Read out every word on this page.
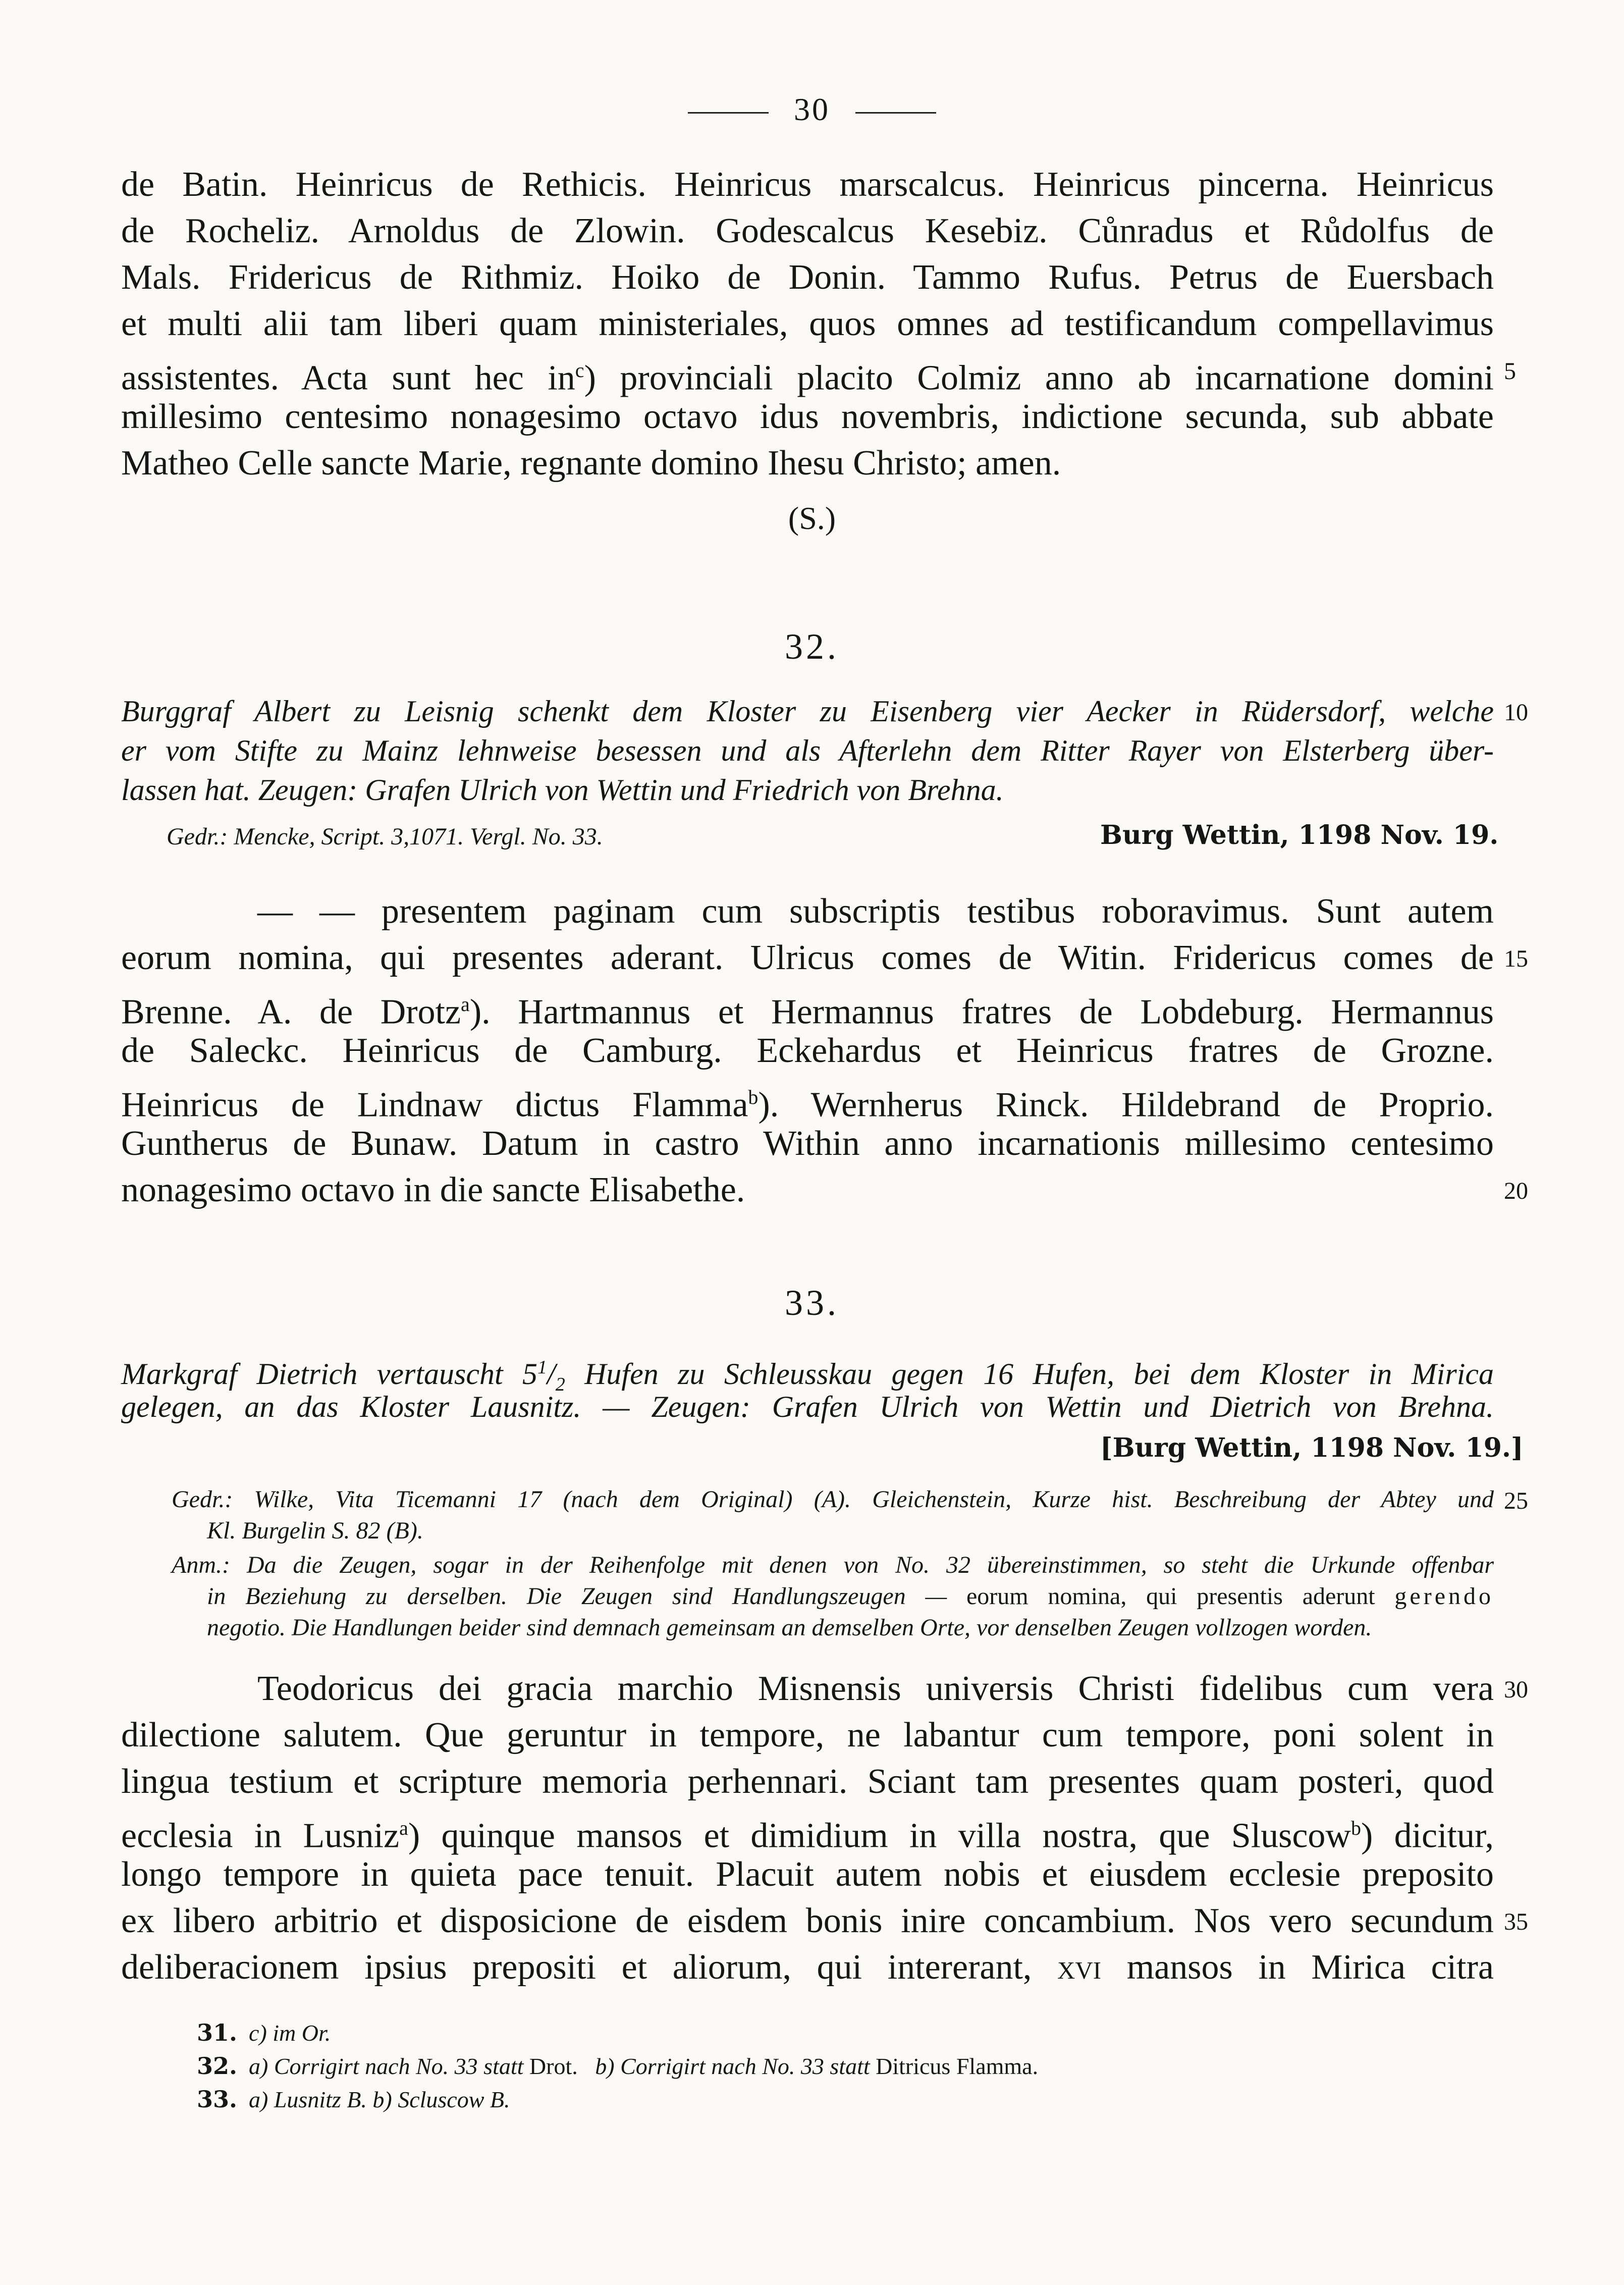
30
de Batin. Heinricus de Rethicis. Heinricus marscalcus. Heinricus pincerna. Heinricus
de Rocheliz. Arnoldus de Zlowin. Godescalcus Kesebiz. Cůnradus et Růdolfus de
Mals. Fridericus de Rithmiz. Hoiko de Donin. Tammo Rufus. Petrus de Euersbach
et multi alii tam liberi quam ministeriales, quos omnes ad testificandum compellavimus
assistentes. Acta sunt hec $in^c$) provinciali placito Colmiz anno ab incarnatione domini
millesimo centesimo nonagesimo octavo idus novembris, indictione secunda, sub abbate
Matheo Celle sancte Marie, regnante domino Ihesu Christo; amen.
(S.)
32.
Burggraf Albert zu Leisnig schenkt dem Kloster zu Eisenberg vier Aecker in Rüdersdorf, welche
er vom Stifte zu Mainz lehnweise besessen und als Afterlehn dem Ritter Rayer von Elsterberg über-
lassen hat. Zeugen: Grafen Ulrich von Wettin und Friedrich von Brehna.
Gedr.: Mencke, Script. 3,1071. Vergl. No. 33.	Burg Wettin, 1198 Nov. 19.
— — presentem paginam cum subscriptis testibus roboravimus. Sunt autem
eorum nomina, qui presentes aderant. Ulricus comes de Witin. Fridericus comes de
Brenne. A. de Drotz$^a$). Hartmannus et Hermannus fratres de Lobdeburg. Hermannus
de Saleckc. Heinricus de Camburg. Eckehardus et Heinricus fratres de Grozne.
Heinricus de Lindnaw dictus Flamma$^b$). Wernherus Rinck. Hildebrand de Proprio.
Guntherus de Bunaw. Datum in castro Within anno incarnationis millesimo centesimo
nonagesimo octavo in die sancte Elisabethe.
33.
Markgraf Dietrich vertauscht $5^1/_2$ Hufen zu Schleusskau gegen 16 Hufen, bei dem Kloster in Mirica
gelegen, an das Kloster Lausnitz. — Zeugen: Grafen Ulrich von Wettin und Dietrich von Brehna.
[Burg Wettin, 1198 Nov. 19.]
Gedr.: Wilke, Vita Ticemanni 17 (nach dem Original) (A). Gleichenstein, Kurze hist. Beschreibung der Abtey und
Kl. Burgelin S. 82 (B).
Anm.: Da die Zeugen, sogar in der Reihenfolge mit denen von No. 32 übereinstimmen, so steht die Urkunde offenbar
in Beziehung zu derselben. Die Zeugen sind Handlungszeugen — eorum nomina, qui presentis aderunt gerendo
negotio. Die Handlungen beider sind demnach gemeinsam an demselben Orte, vor denselben Zeugen vollzogen worden.
Teodoricus dei gracia marchio Misnensis universis Christi fidelibus cum vera
dilectione salutem. Que geruntur in tempore, ne labantur cum tempore, poni solent in
lingua testium et scripture memoria perhennari. Sciant tam presentes quam posteri, quod
ecclesia in Lusniz$^a$) quinque mansos et dimidium in villa nostra, que Sluscow$^b$) dicitur,
longo tempore in quieta pace tenuit. Placuit autem nobis et eiusdem ecclesie preposito
ex libero arbitrio et disposicione de eisdem bonis inire concambium. Nos vero secundum
deliberacionem ipsius prepositi et aliorum, qui intererant, xvi mansos in Mirica citra
5
10
15
20
25
30
35
31. c) im Or.
32. a) Corrigirt nach No. 33 statt Drot. b) Corrigirt nach No. 33 statt Ditricus Flamma.
33. a) Lusnitz B. b) Scluscow B.
